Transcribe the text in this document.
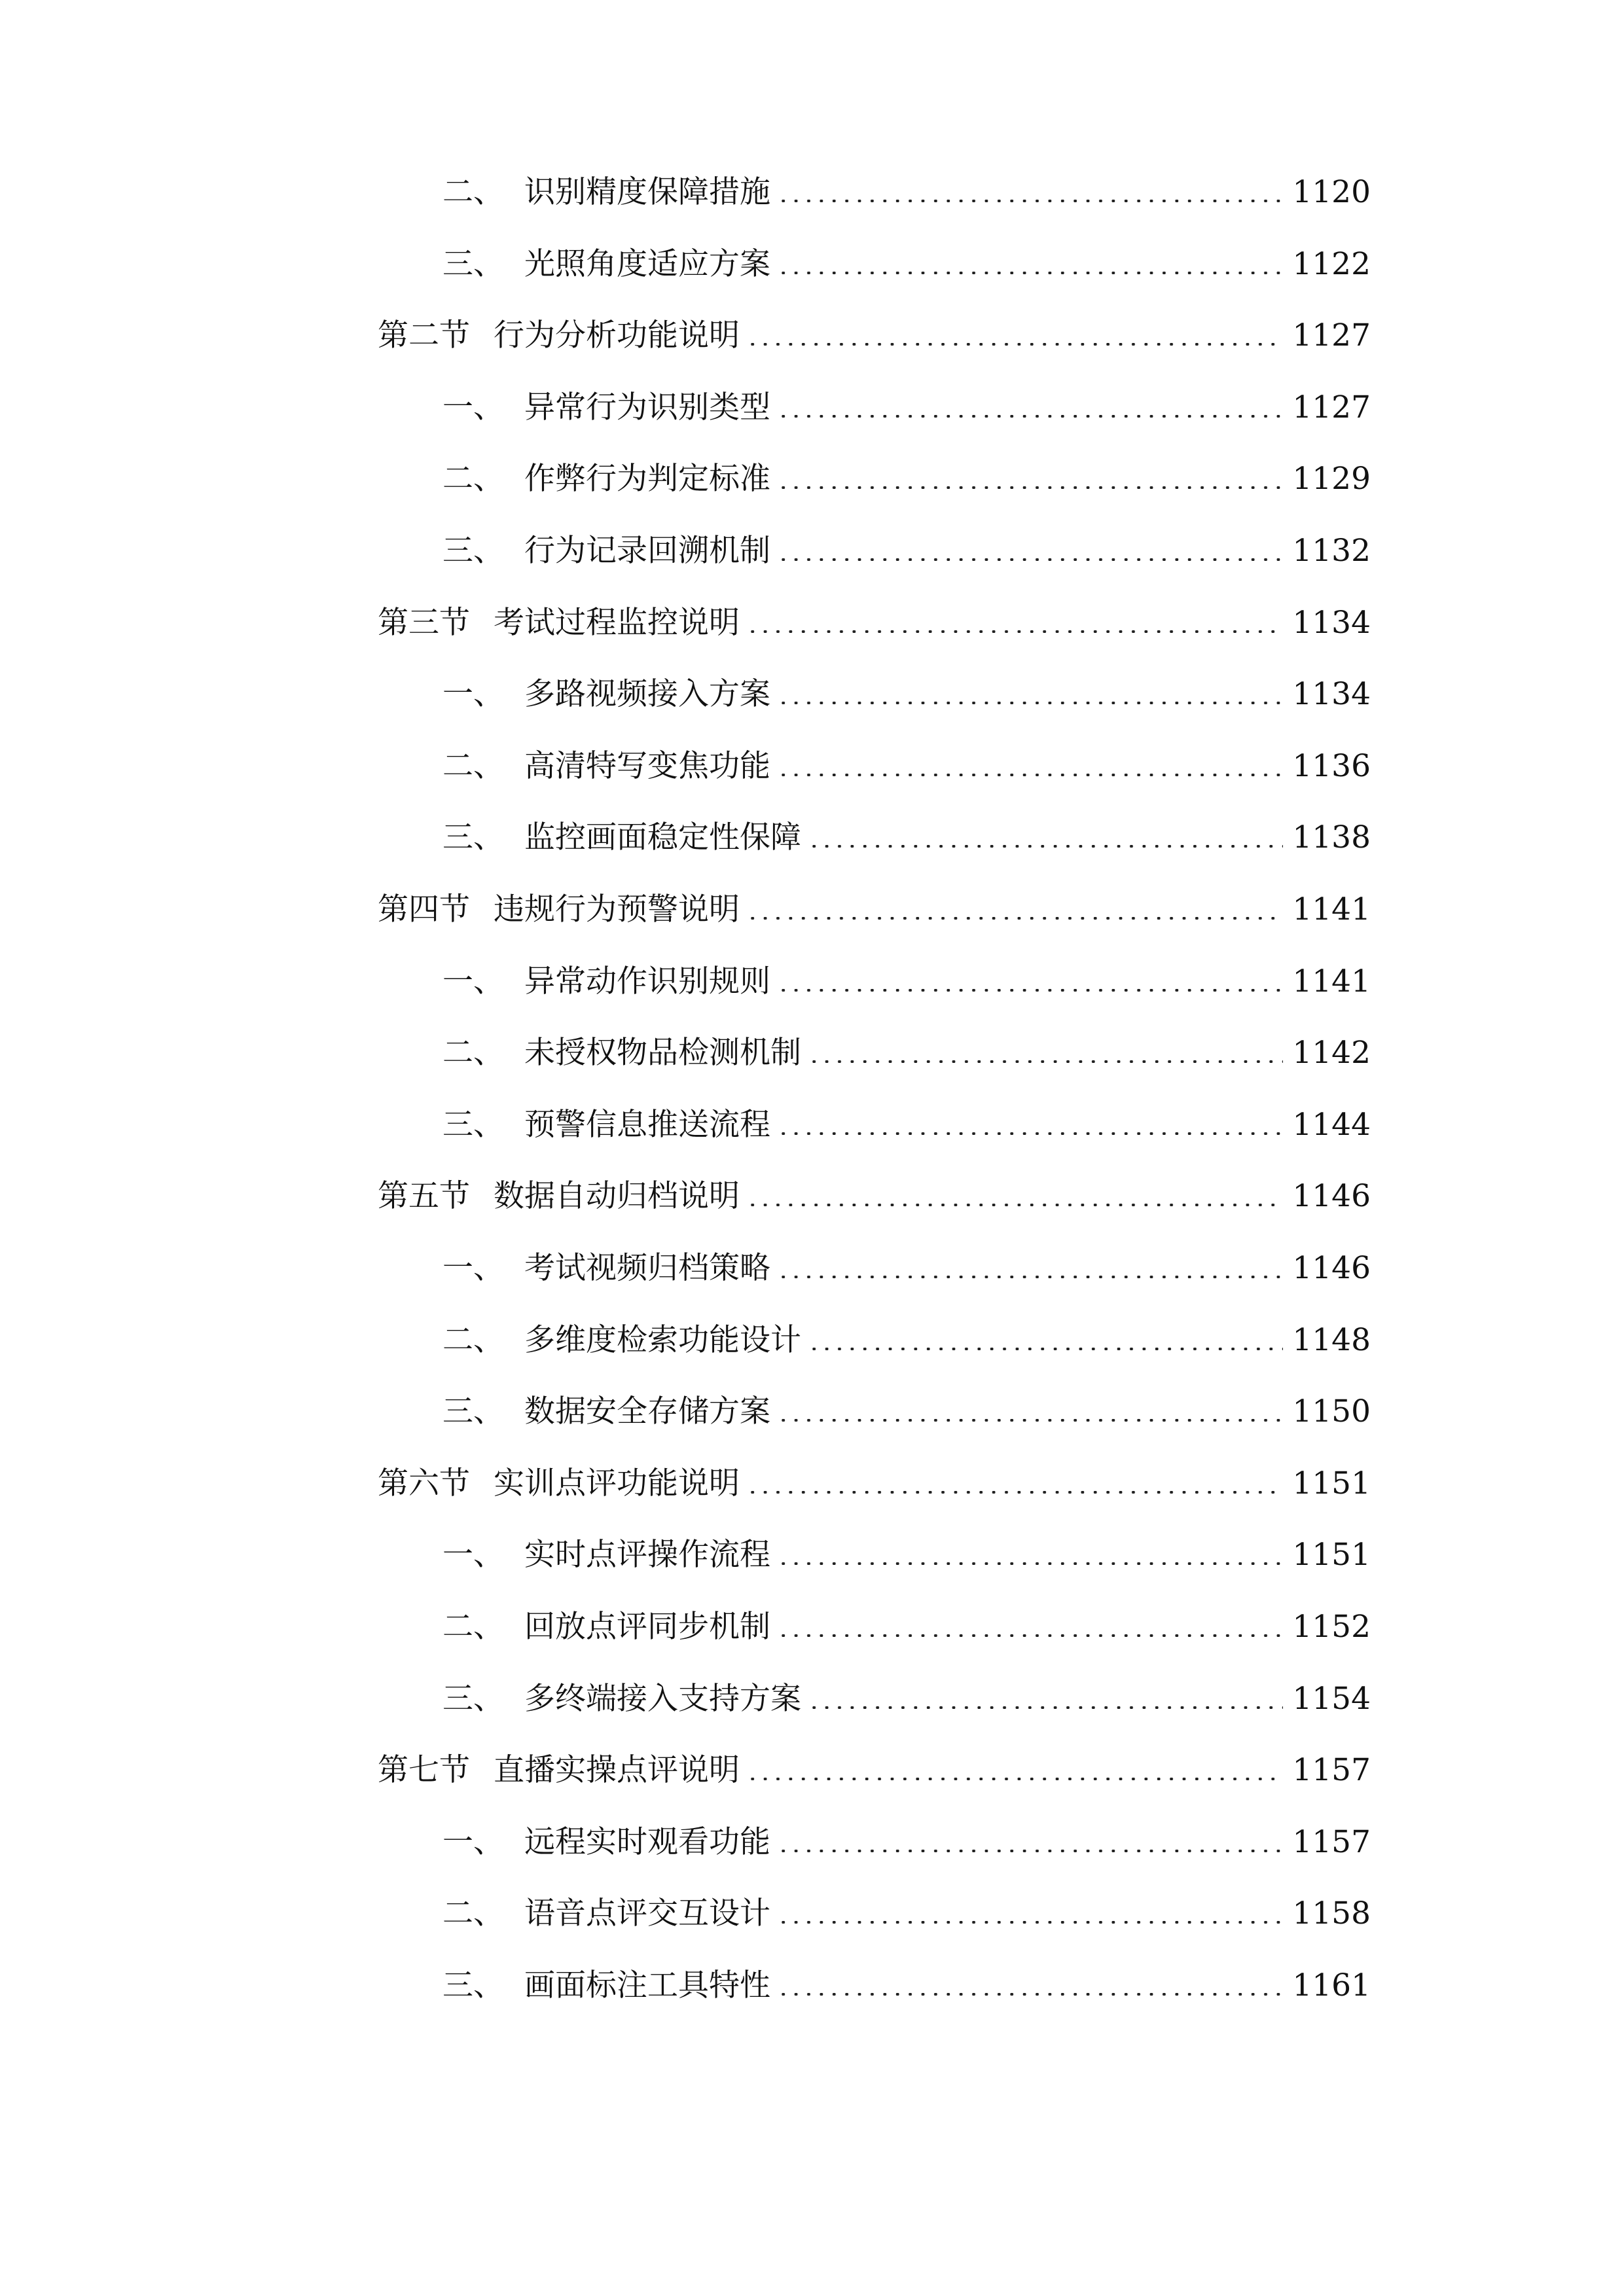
二、 识别精度保障措施	1120
三、 光照角度适应方案	1122
第二节 行为分析功能说明	1127
一、 异常行为识别类型	1127
二、 作弊行为判定标准	1129
三、 行为记录回溯机制	1132
第三节 考试过程监控说明	1134
一、 多路视频接入方案	1134
二、 高清特写变焦功能	1136
三、 监控画面稳定性保障	1138
第四节 违规行为预警说明	1141
一、 异常动作识别规则	1141
二、 未授权物品检测机制	1142
三、 预警信息推送流程	1144
第五节 数据自动归档说明	1146
一、 考试视频归档策略	1146
二、 多维度检索功能设计	1148
三、 数据安全存储方案	1150
第六节 实训点评功能说明	1151
一、 实时点评操作流程	1151
二、 回放点评同步机制	1152
三、 多终端接入支持方案	1154
第七节 直播实操点评说明	1157
一、 远程实时观看功能	1157
二、 语音点评交互设计	1158
三、 画面标注工具特性	1161
